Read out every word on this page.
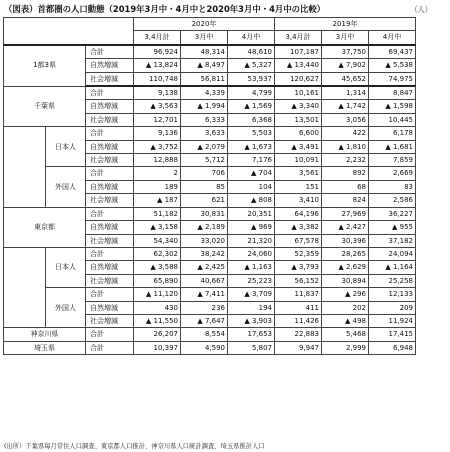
（図表）首都圏の人口動態（2019年3月中・4月中と2020年3月中・4月中の比較）	（人）
			2020年			2019年		
			3,4月計	3月中	4月中	3,4月計	3月中	4月中
1都3県		合計	96,924	48,314	48,610	107,187	37,750	69,437
		自然増減	▲ 13,824	▲ 8,497	▲ 5,327	▲ 13,440	▲ 7,902	▲ 5,538
		社会増減	110,748	56,811	53,937	120,627	45,652	74,975
千葉県		合計	9,138	4,339	4,799	10,161	1,314	8,847
		自然増減	▲ 3,563	▲ 1,994	▲ 1,569	▲ 3,340	▲ 1,742	▲ 1,598
		社会増減	12,701	6,333	6,368	13,501	3,056	10,445
	日本人	合計	9,136	3,633	5,503	6,600	422	6,178
		自然増減	▲ 3,752	▲ 2,079	▲ 1,673	▲ 3,491	▲ 1,810	▲ 1,681
		社会増減	12,888	5,712	7,176	10,091	2,232	7,859
	外国人	合計	2	706	▲ 704	3,561	892	2,669
		自然増減	189	85	104	151	68	83
		社会増減	▲ 187	621	▲ 808	3,410	824	2,586
東京都		合計	51,182	30,831	20,351	64,196	27,969	36,227
		自然増減	▲ 3,158	▲ 2,189	▲ 969	▲ 3,382	▲ 2,427	▲ 955
		社会増減	54,340	33,020	21,320	67,578	30,396	37,182
	日本人	合計	62,302	38,242	24,060	52,359	28,265	24,094
		自然増減	▲ 3,588	▲ 2,425	▲ 1,163	▲ 3,793	▲ 2,629	▲ 1,164
		社会増減	65,890	40,667	25,223	56,152	30,894	25,258
	外国人	合計	▲ 11,120	▲ 7,411	▲ 3,709	11,837	▲ 296	12,133
		自然増減	430	236	194	411	202	209
		社会増減	▲ 11,550	▲ 7,647	▲ 3,903	11,426	▲ 498	11,924
神奈川県		合計	26,207	8,554	17,653	22,883	5,468	17,415
埼玉県		合計	10,397	4,590	5,807	9,947	2,999	6,948
(出所）千葉県毎月常住人口調査、東京都人口推計、神奈川県人口統計調査、埼玉県推計人口
